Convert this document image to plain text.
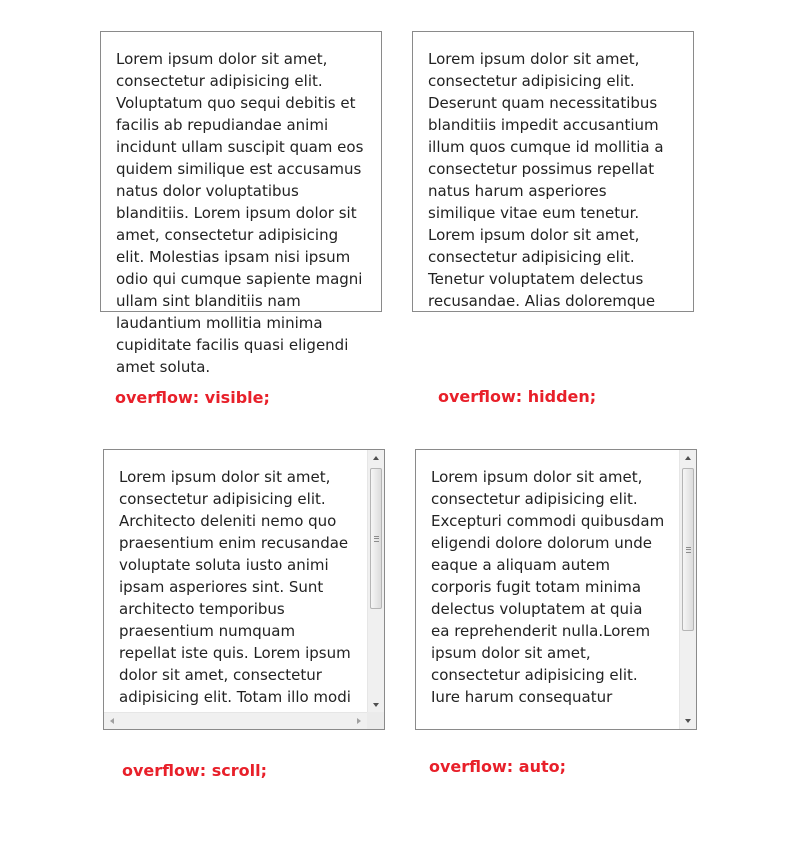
Lorem ipsum dolor sit amet, consectetur adipisicing elit. Voluptatum quo sequi debitis et facilis ab repudiandae animi incidunt ullam suscipit quam eos quidem similique est accusamus natus dolor voluptatibus blanditiis. Lorem ipsum dolor sit amet, consectetur adipisicing elit. Molestias ipsam nisi ipsum odio qui cumque sapiente magni ullam sint blanditiis nam laudantium mollitia minima cupiditate facilis quasi eligendi amet soluta.

overflow: visible;

Lorem ipsum dolor sit amet, consectetur adipisicing elit. Deserunt quam necessitatibus blanditiis impedit accusantium illum quos cumque id mollitia a consectetur possimus repellat natus harum asperiores similique vitae eum tenetur. Lorem ipsum dolor sit amet, consectetur adipisicing elit. Tenetur voluptatem delectus recusandae. Alias doloremque

overflow: hidden;

Lorem ipsum dolor sit amet, consectetur adipisicing elit. Architecto deleniti nemo quo praesentium enim recusandae voluptate soluta iusto animi ipsam asperiores sint. Sunt architecto temporibus praesentium numquam repellat iste quis. Lorem ipsum dolor sit amet, consectetur adipisicing elit. Totam illo modi

overflow: scroll;

Lorem ipsum dolor sit amet, consectetur adipisicing elit. Excepturi commodi quibusdam eligendi dolore dolorum unde eaque a aliquam autem corporis fugit totam minima delectus voluptatem at quia ea reprehenderit nulla.Lorem ipsum dolor sit amet, consectetur adipisicing elit. Iure harum consequatur

overflow: auto;
